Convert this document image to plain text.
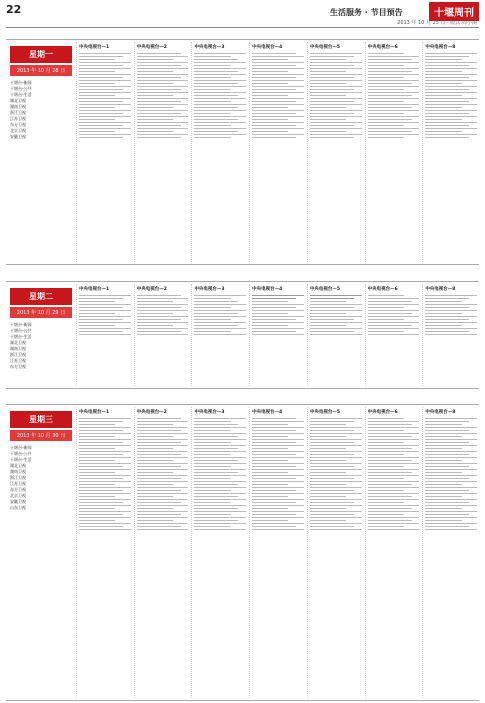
22	生活服务 · 节目预告	十堰周刊
2013 年 10 月 25 日 · 版式:周小丽
星期一
2013 年 10 月 28 日
十堰台-新闻
十堰台-公共
十堰台-生活
湖北卫视
湖南卫视
浙江卫视
江苏卫视
东方卫视
北京卫视
安徽卫视
中央电视台—1	中央电视台—2	中央电视台—3	中央电视台—4	中央电视台—5	中央电视台—6	中央电视台—8
星期二
2013 年 10 月 29 日
十堰台-新闻
十堰台-公共
十堰台-生活
湖北卫视
湖南卫视
浙江卫视
江苏卫视
东方卫视
中央电视台—1	中央电视台—2	中央电视台—3	中央电视台—4	中央电视台—5	中央电视台—6	中央电视台—8
星期三
2013 年 10 月 30 日
十堰台-新闻
十堰台-公共
十堰台-生活
湖北卫视
湖南卫视
浙江卫视
江苏卫视
东方卫视
北京卫视
安徽卫视
山东卫视
中央电视台—1	中央电视台—2	中央电视台—3	中央电视台—4	中央电视台—5	中央电视台—6	中央电视台—8
